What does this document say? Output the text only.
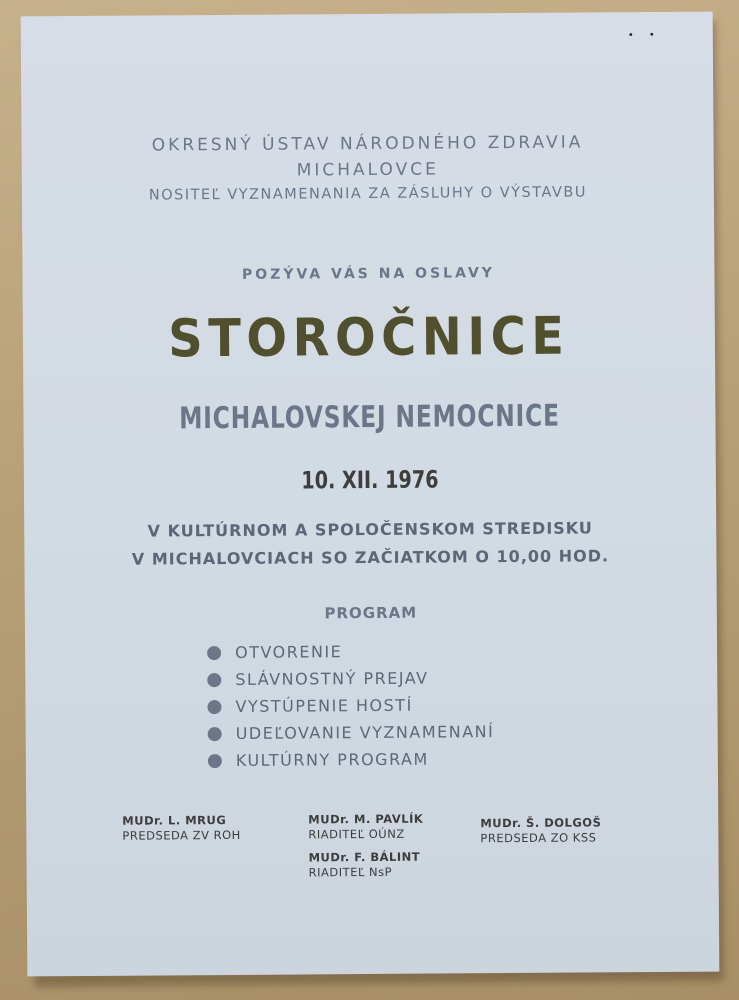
• •
OKRESNÝ ÚSTAV NÁRODNÉHO ZDRAVIA
MICHALOVCE
NOSITEĽ VYZNAMENANIA ZA ZÁSLUHY O VÝSTAVBU
POZÝVA VÁS NA OSLAVY
STOROČNICE
MICHALOVSKEJ NEMOCNICE
10. XII. 1976
V KULTÚRNOM A SPOLOČENSKOM STREDISKU
V MICHALOVCIACH SO ZAČIATKOM O 10,00 HOD.
PROGRAM
OTVORENIE
SLÁVNOSTNÝ PREJAV
VYSTÚPENIE HOSTÍ
UDEĽOVANIE VYZNAMENANÍ
KULTÚRNY PROGRAM
MUDr. L. MRUG
PREDSEDA ZV ROH
MUDr. M. PAVLÍK
RIADITEĽ OÚNZ
MUDr. Š. DOLGOŠ
PREDSEDA ZO KSS
MUDr. F. BÁLINT
RIADITEĽ NsP
